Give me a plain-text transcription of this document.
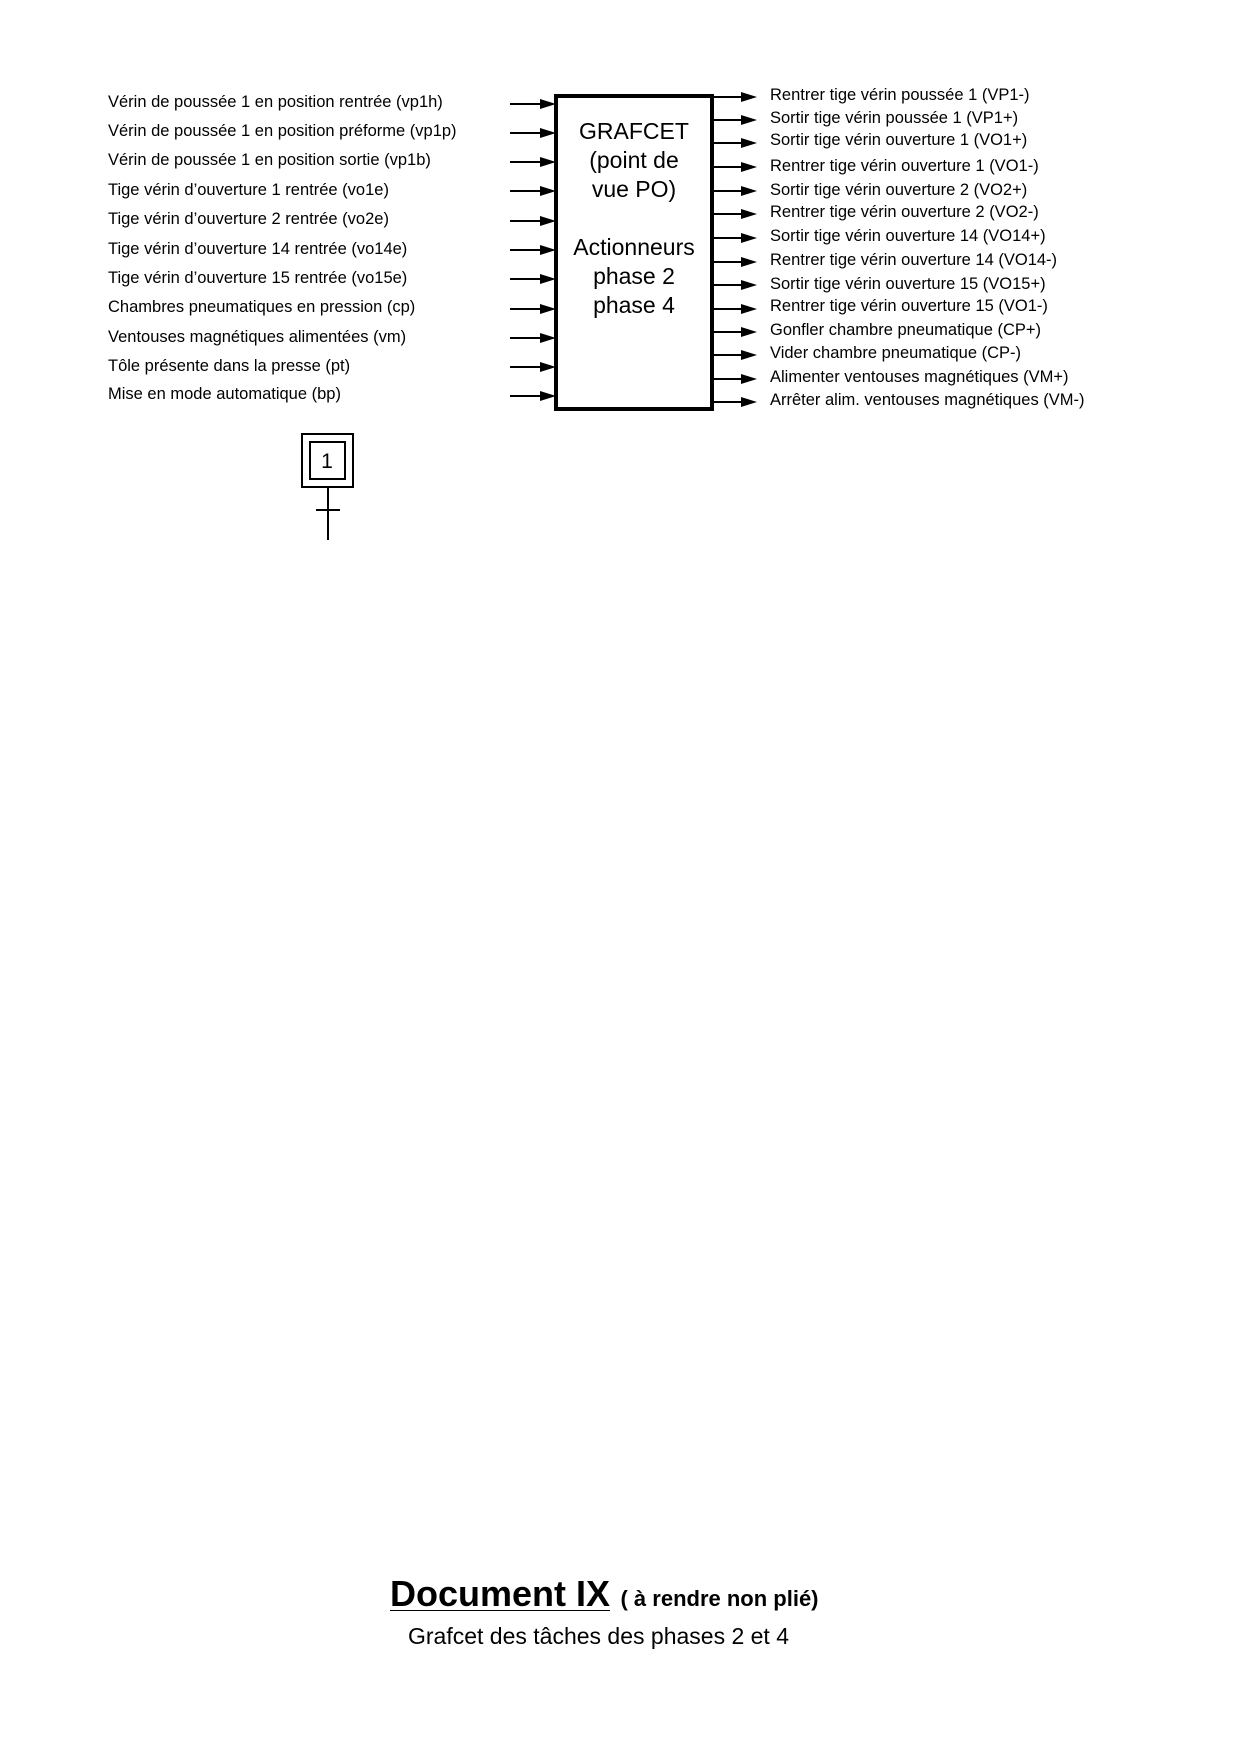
Vérin de poussée 1 en position rentrée (vp1h)
Vérin de poussée 1 en position préforme (vp1p)
Vérin de poussée 1 en position sortie (vp1b)
Tige vérin d’ouverture 1 rentrée (vo1e)
Tige vérin d’ouverture 2 rentrée (vo2e)
Tige vérin d’ouverture 14 rentrée (vo14e)
Tige vérin d’ouverture 15 rentrée (vo15e)
Chambres pneumatiques en pression (cp)
Ventouses magnétiques alimentées (vm)
Tôle présente dans la presse (pt)
Mise en mode automatique (bp)
GRAFCET
(point de
vue PO)
Actionneurs
phase 2
phase 4
Rentrer tige vérin poussée 1 (VP1-)
Sortir tige vérin poussée 1 (VP1+)
Sortir tige vérin ouverture 1 (VO1+)
Rentrer tige vérin ouverture 1 (VO1-)
Sortir tige vérin ouverture 2 (VO2+)
Rentrer tige vérin ouverture 2 (VO2-)
Sortir tige vérin ouverture 14 (VO14+)
Rentrer tige vérin ouverture 14 (VO14-)
Sortir tige vérin ouverture 15 (VO15+)
Rentrer tige vérin ouverture 15 (VO1-)
Gonfler chambre pneumatique (CP+)
Vider chambre pneumatique (CP-)
Alimenter ventouses magnétiques (VM+)
Arrêter alim. ventouses magnétiques (VM-)
1
Document IX ( à rendre non plié)
Grafcet des tâches des phases 2 et 4
